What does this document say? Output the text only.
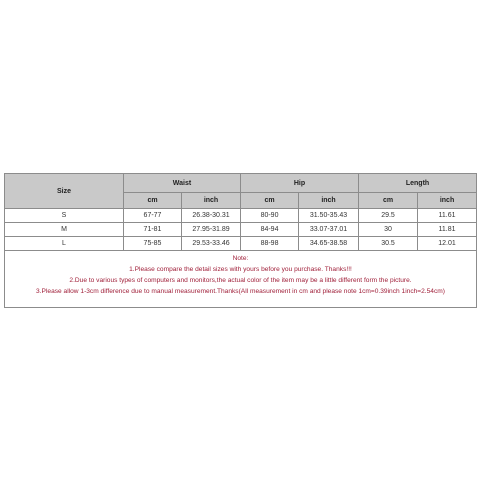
Size	Waist		Hip		Length	
	cm	inch	cm	inch	cm	inch
S	67-77	26.38-30.31	80-90	31.50-35.43	29.5	11.61
M	71-81	27.95-31.89	84-94	33.07-37.01	30	11.81
L	75-85	29.53-33.46	88-98	34.65-38.58	30.5	12.01

Note:
1.Please compare the detail sizes with yours before you purchase. Thanks!!!
2.Due to various types of computers and monitors,the actual color of the item may be a little different form the picture.
3.Please allow 1-3cm difference due to manual measurement.Thanks(All measurement in cm and please note 1cm=0.39inch 1inch=2.54cm)						
